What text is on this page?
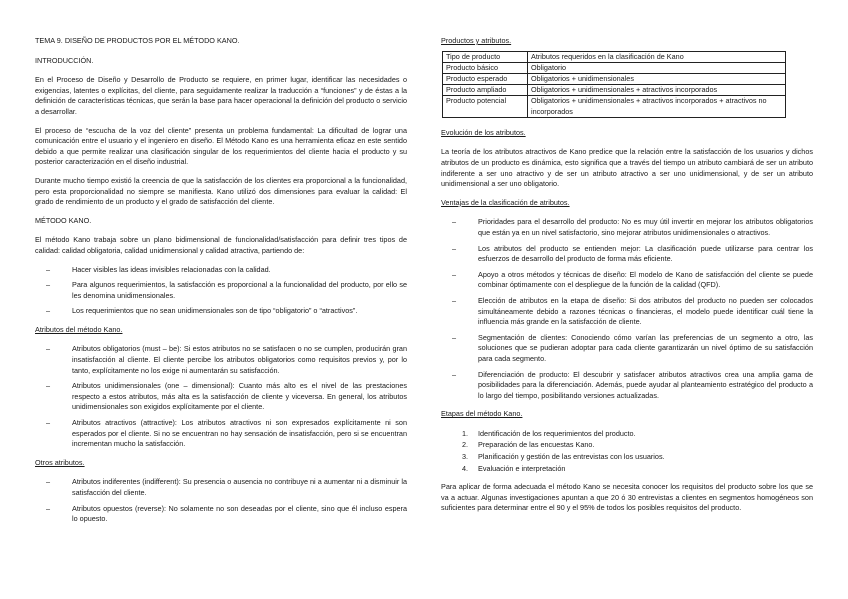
TEMA 9. DISEÑO DE PRODUCTOS POR EL MÉTODO KANO.
INTRODUCCIÓN.

En el Proceso de Diseño y Desarrollo de Producto se requiere, en primer lugar, identificar las necesidades o exigencias, latentes o explícitas, del cliente, para seguidamente realizar la traducción a “funciones” y de éstas a la definición de características técnicas, que serán la base para hacer operacional la definición del producto o servicio a desarrollar.

El proceso de “escucha de la voz del cliente” presenta un problema fundamental: La dificultad de lograr una comunicación entre el usuario y el ingeniero en diseño. El Método Kano es una herramienta eficaz en este sentido debido a que permite realizar una clasificación singular de los requerimientos del cliente hacia el producto y su posterior caracterización en el diseño industrial.

Durante mucho tiempo existió la creencia de que la satisfacción de los clientes era proporcional a la funcionalidad, pero esta proporcionalidad no siempre se manifiesta. Kano utilizó dos dimensiones para evaluar la calidad: El grado de rendimiento de un producto y el grado de satisfacción del cliente.

MÉTODO KANO.

El método Kano trabaja sobre un plano bidimensional de funcionalidad/satisfacción para definir tres tipos de calidad: calidad obligatoria, calidad unidimensional y calidad atractiva, partiendo de:

– Hacer visibles las ideas invisibles relacionadas con la calidad.
– Para algunos requerimientos, la satisfacción es proporcional a la funcionalidad del producto, por ello se les denomina unidimensionales.
– Los requerimientos que no sean unidimensionales son de tipo “obligatorio” o “atractivos”.
Atributos del método Kano.
– Atributos obligatorios (must – be): Si estos atributos no se satisfacen o no se cumplen, producirán gran insatisfacción al cliente. El cliente percibe los atributos obligatorios como requisitos previos y, por lo tanto, explícitamente no los exige ni aumentarán su satisfacción.
– Atributos unidimensionales (one – dimensional): Cuanto más alto es el nivel de las prestaciones respecto a estos atributos, más alta es la satisfacción de cliente y viceversa. En general, los atributos unidimensionales son exigidos explícitamente por el cliente.
– Atributos atractivos (attractive): Los atributos atractivos ni son expresados explícitamente ni son esperados por el cliente. Si no se encuentran no hay sensación de insatisfacción, pero si se encuentran incrementan mucho la satisfacción.
Otros atributos.
– Atributos indiferentes (indifferent): Su presencia o ausencia no contribuye ni a aumentar ni a disminuir la satisfacción del cliente.
– Atributos opuestos (reverse): No solamente no son deseadas por el cliente, sino que él incluso espera lo opuesto.
Productos y atributos.
Tipo de producto	Atributos requeridos en la clasificación de Kano
Producto básico	Obligatorio
Producto esperado	Obligatorios + unidimensionales
Producto ampliado	Obligatorios + unidimensionales + atractivos incorporados
Producto potencial	Obligatorios + unidimensionales + atractivos incorporados + atractivos no incorporados
Evolución de los atributos.

La teoría de los atributos atractivos de Kano predice que la relación entre la satisfacción de los usuarios y dichos atributos de un producto es dinámica, esto significa que a través del tiempo un atributo cambiará de ser un atributo indiferente a ser uno atractivo y de ser un atributo atractivo a ser uno unidimensional, y de ser un atributo unidimensional a ser uno obligatorio.

Ventajas de la clasificación de atributos.
– Prioridades para el desarrollo del producto: No es muy útil invertir en mejorar los atributos obligatorios que están ya en un nivel satisfactorio, sino mejorar atributos unidimensionales o atractivos.
– Los atributos del producto se entienden mejor: La clasificación puede utilizarse para centrar los esfuerzos de desarrollo del producto de forma más eficiente.
– Apoyo a otros métodos y técnicas de diseño: El modelo de Kano de satisfacción del cliente se puede combinar óptimamente con el despliegue de la función de la calidad (QFD).
– Elección de atributos en la etapa de diseño: Si dos atributos del producto no pueden ser colocados simultáneamente debido a razones técnicas o financieras, el modelo puede identificar cuál tiene la influencia más grande en la satisfacción de cliente.
– Segmentación de clientes: Conociendo cómo varían las preferencias de un segmento a otro, las soluciones que se pudieran adoptar para cada cliente garantizarán un nivel óptimo de su satisfacción para cada segmento.
– Diferenciación de producto: El descubrir y satisfacer atributos atractivos crea una amplia gama de posibilidades para la diferenciación. Además, puede ayudar al planteamiento estratégico del producto a lo largo del tiempo, posibilitando versiones actualizadas.
Etapas del método Kano.
1. Identificación de los requerimientos del producto.
2. Preparación de las encuestas Kano.
3. Planificación y gestión de las entrevistas con los usuarios.
4. Evaluación e interpretación

Para aplicar de forma adecuada el método Kano se necesita conocer los requisitos del producto sobre los que se va a actuar. Algunas investigaciones apuntan a que 20 ó 30 entrevistas a clientes en segmentos homogéneos son suficientes para determinar entre el 90 y el 95% de todos los posibles requisitos del producto.
